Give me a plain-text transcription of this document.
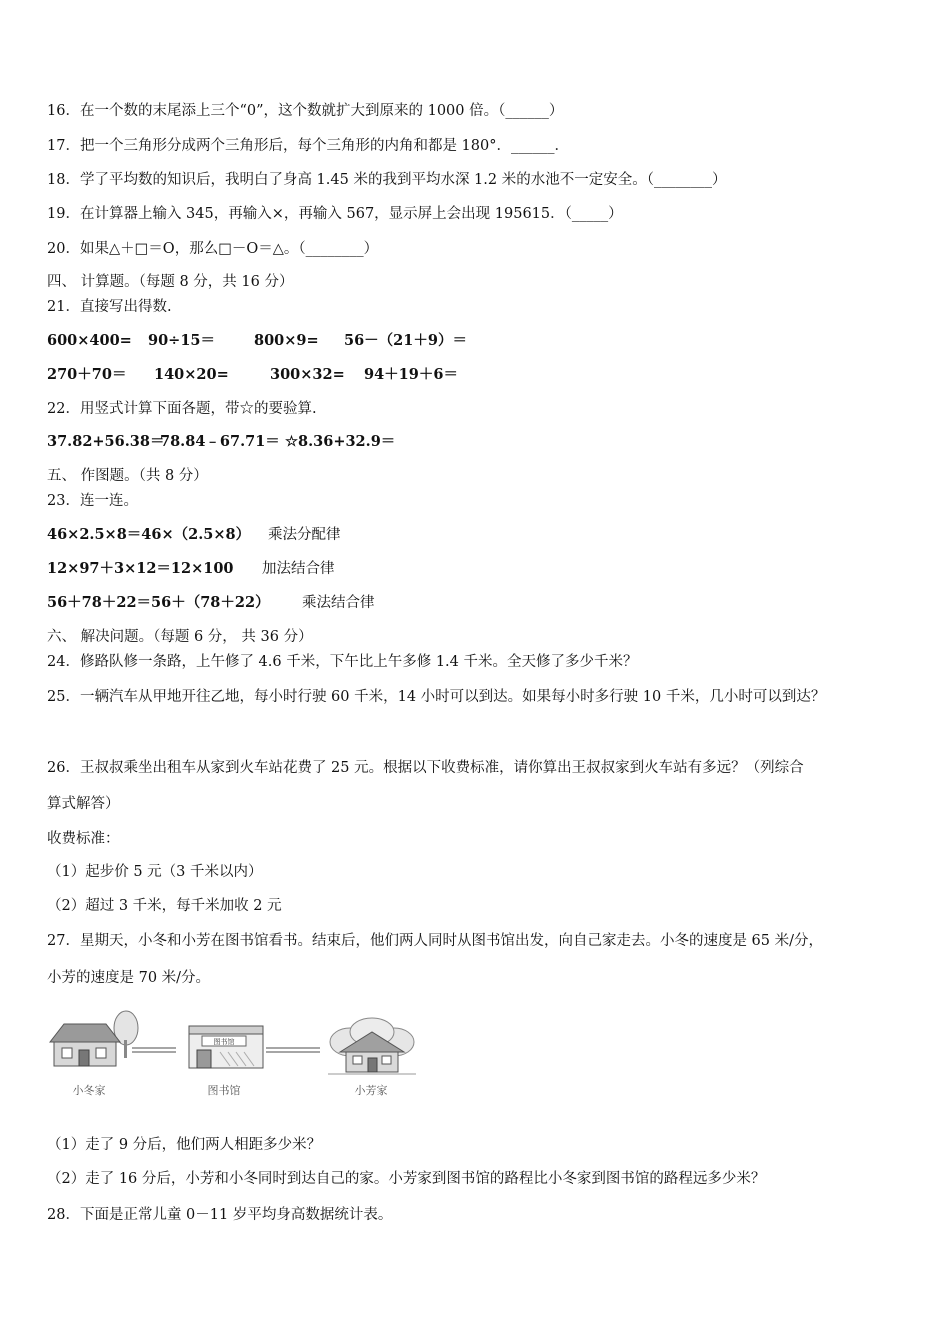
16．在一个数的末尾添上三个“0”，这个数就扩大到原来的 1000 倍。（______）
17．把一个三角形分成两个三角形后，每个三角形的内角和都是 180°．______．
18．学了平均数的知识后，我明白了身高 1.45 米的我到平均水深 1.2 米的水池不一定安全。（________）
19．在计算器上输入 345，再输入×，再输入 567，显示屏上会出现 195615．（_____）
20．如果△＋□＝O，那么□－O＝△。（________）
四、 计算题。（每题 8 分，共 16 分）
21．直接写出得数.
600×400= 90÷15＝	800×9= 56－（21＋9）＝
270＋70＝ 140×20=	300×32= 94＋19＋6＝
22．用竖式计算下面各题，带☆的要验算.
37.82+56.38＝
78.84﹣67.71＝ ☆8.36+32.9＝
五、 作图题。（共 8 分）
23．连一连。
46×2.5×8＝46×（2.5×8） 乘法分配律
12×97＋3×12＝12×100 加法结合律
56＋78＋22＝56＋（78＋22） 乘法结合律
六、 解决问题。（每题 6 分， 共 36 分）
24．修路队修一条路，上午修了 4.6 千米，下午比上午多修 1.4 千米。全天修了多少千米？
25．一辆汽车从甲地开往乙地，每小时行驶 60 千米，14 小时可以到达。如果每小时多行驶 10 千米，几小时可以到达？
26．王叔叔乘坐出租车从家到火车站花费了 25 元。根据以下收费标准，请你算出王叔叔家到火车站有多远？（列综合
算式解答）
收费标准：
（1）起步价 5 元（3 千米以内）
（2）超过 3 千米，每千米加收 2 元
27．星期天，小冬和小芳在图书馆看书。结束后，他们两人同时从图书馆出发，向自己家走去。小冬的速度是 65 米/分，
小芳的速度是 70 米/分。
图书馆
小冬家	图书馆	小芳家
（1）走了 9 分后，他们两人相距多少米？
（2）走了 16 分后，小芳和小冬同时到达自己的家。小芳家到图书馆的路程比小冬家到图书馆的路程远多少米？
28．下面是正常儿童 0－11 岁平均身高数据统计表。
